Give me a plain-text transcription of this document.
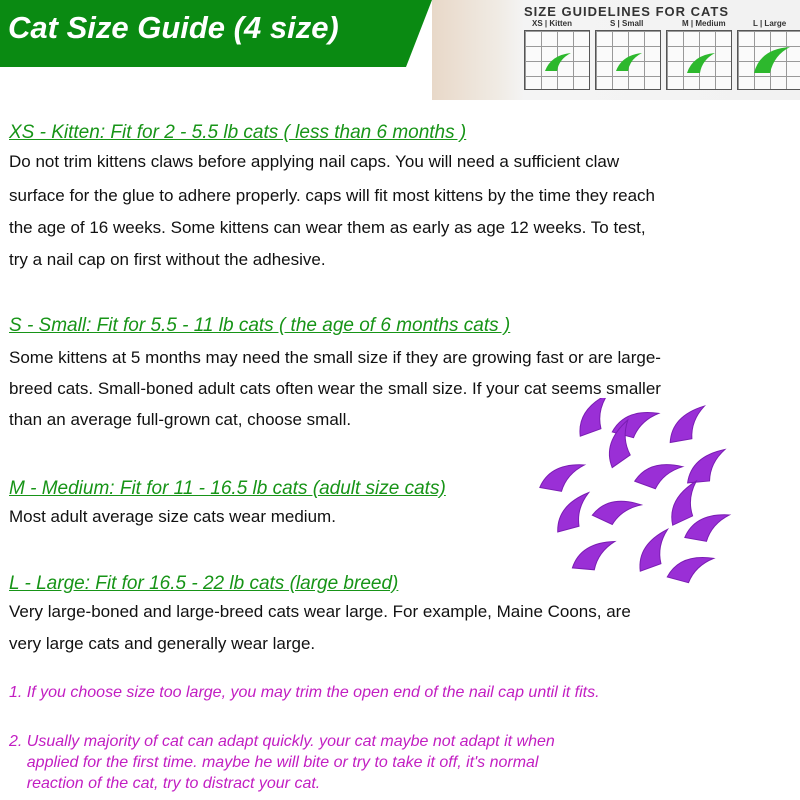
Cat Size Guide (4 size)	SIZE GUIDELINES FOR CATS
XS | Kitten	S | Small	M | Medium	L | Large
XS - Kitten: Fit for 2 - 5.5 lb cats ( less than 6 months )
Do not trim kittens claws before applying nail caps. You will need a sufficient claw
surface for the glue to adhere properly. caps will fit most kittens by the time they reach
the age of 16 weeks. Some kittens can wear them as early as age 12 weeks. To test,
try a nail cap on first without the adhesive.
S - Small: Fit for 5.5 - 11 lb cats ( the age of 6 months cats )
Some kittens at 5 months may need the small size if they are growing fast or are large-
breed cats. Small-boned adult cats often wear the small size. If your cat seems smaller
than an average full-grown cat, choose small.
M - Medium: Fit for 11 - 16.5 lb cats (adult size cats)
Most adult average size cats wear medium.
L - Large: Fit for 16.5 - 22 lb cats (large breed)
Very large-boned and large-breed cats wear large. For example, Maine Coons, are
very large cats and generally wear large.
1. If you choose size too large, you may trim the open end of the nail cap until it fits.
2. Usually majority of cat can adapt quickly. your cat maybe not adapt it when
applied for the first time. maybe he will bite or try to take it off, it's normal
reaction of the cat, try to distract your cat.
